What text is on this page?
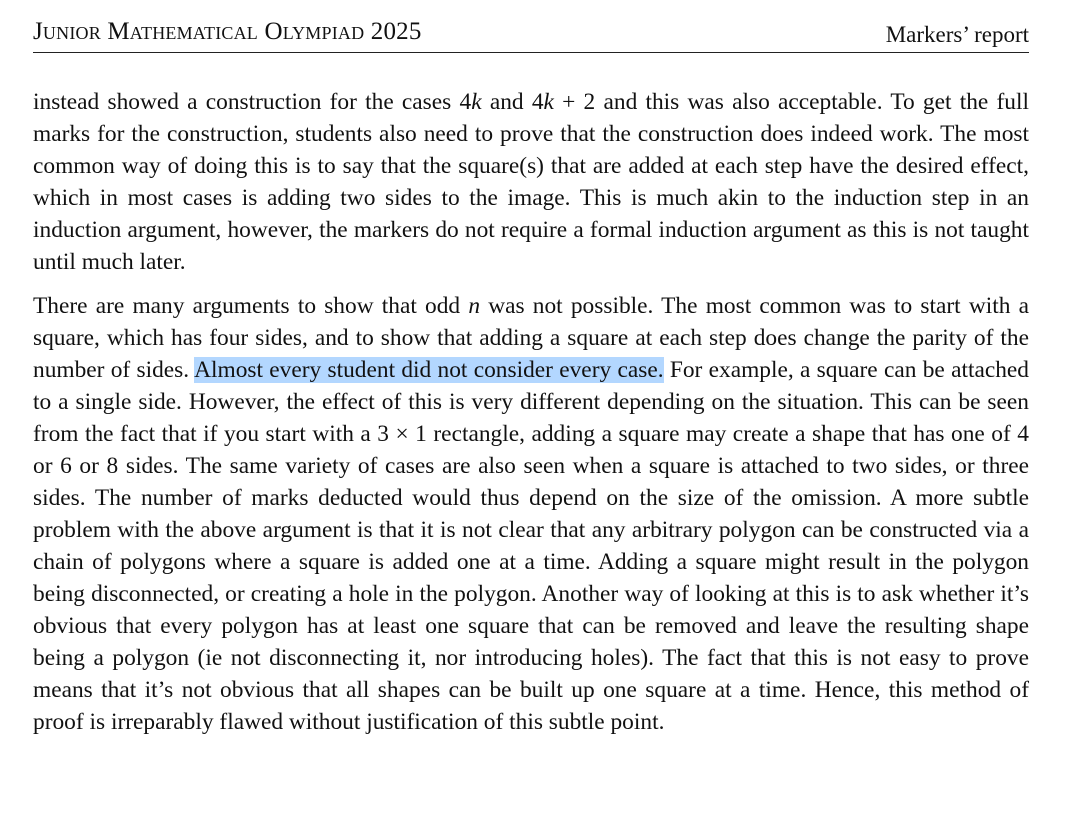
Junior Mathematical Olympiad 2025	Markers’ report

instead showed a construction for the cases 4k and 4k + 2 and this was also acceptable. To get the full marks for the construction, students also need to prove that the construction does indeed work. The most common way of doing this is to say that the square(s) that are added at each step have the desired effect, which in most cases is adding two sides to the image. This is much akin to the induction step in an induction argument, however, the markers do not require a formal induction argument as this is not taught until much later.

There are many arguments to show that odd n was not possible. The most common was to start with a square, which has four sides, and to show that adding a square at each step does change the parity of the number of sides. Almost every student did not consider every case. For example, a square can be attached to a single side. However, the effect of this is very different depending on the situation. This can be seen from the fact that if you start with a 3 × 1 rectangle, adding a square may create a shape that has one of 4 or 6 or 8 sides. The same variety of cases are also seen when a square is attached to two sides, or three sides. The number of marks deducted would thus depend on the size of the omission. A more subtle problem with the above argument is that it is not clear that any arbitrary polygon can be constructed via a chain of polygons where a square is added one at a time. Adding a square might result in the polygon being disconnected, or creating a hole in the polygon. Another way of looking at this is to ask whether it’s obvious that every polygon has at least one square that can be removed and leave the resulting shape being a polygon (ie not disconnecting it, nor introducing holes). The fact that this is not easy to prove means that it’s not obvious that all shapes can be built up one square at a time. Hence, this method of proof is irreparably flawed without justification of this subtle point.
